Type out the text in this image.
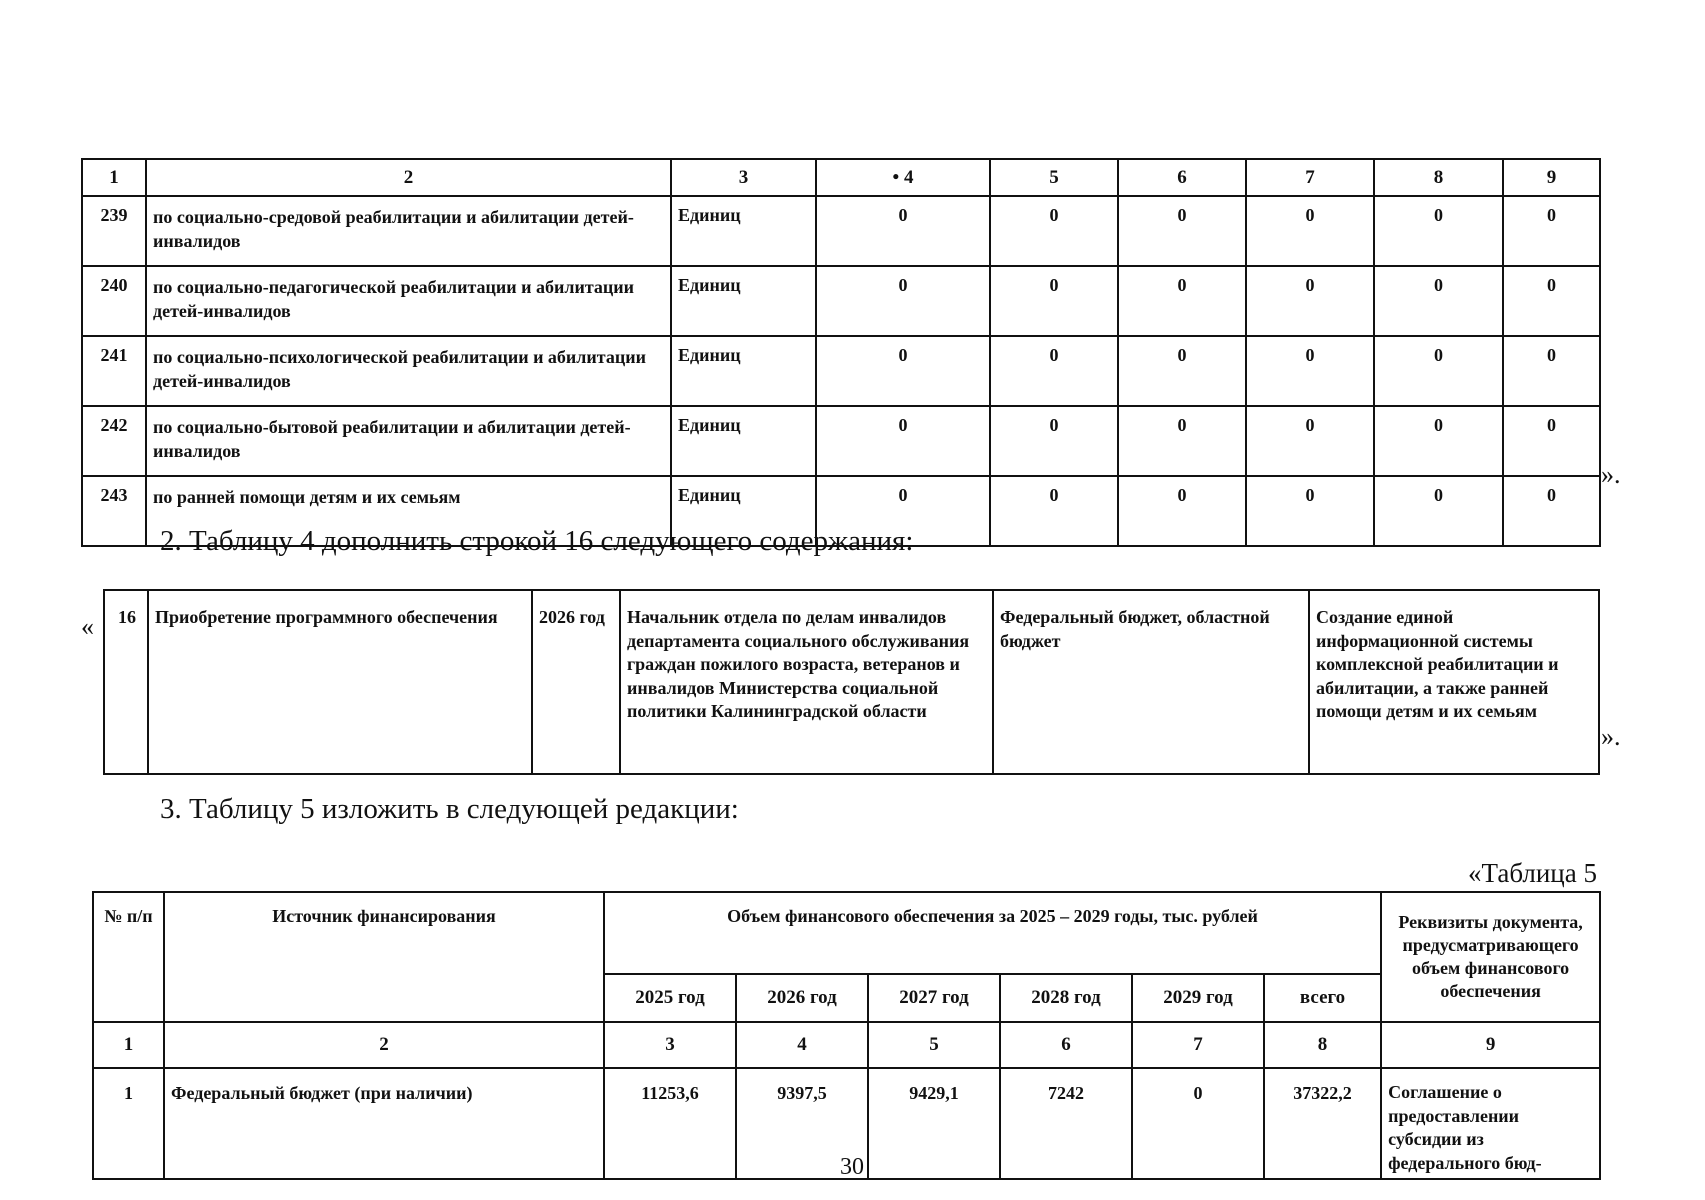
1	2	3	• 4	5	6	7	8	9
239	по социально-средовой реабилитации и абилитации детей-инвалидов	Единиц	0	0	0	0	0	0
240	по социально-педагогической реабилитации и абилитации детей-инвалидов	Единиц	0	0	0	0	0	0
241	по социально-психологической реабилитации и абилитации детей-инвалидов	Единиц	0	0	0	0	0	0
242	по социально-бытовой реабилитации и абилитации детей-инвалидов	Единиц	0	0	0	0	0	0
243	по ранней помощи детям и их семьям	Единиц	0	0	0	0	0	0
».
2. Таблицу 4 дополнить строкой 16 следующего содержания:
« 16	Приобретение программного обеспечения	2026 год	Начальник отдела по делам инвалидов департамента социального обслуживания граждан пожилого возраста, ветеранов и инвалидов Министерства социальной политики Калининградской области	Федеральный бюджет, областной бюджет	Создание единой информационной системы комплексной реабилитации и абилитации, а также ранней помощи детям и их семьям
».
3. Таблицу 5 изложить в следующей редакции:
«Таблица 5
№ п/п	Источник финансирования	Объем финансового обеспечения за 2025 – 2029 годы, тыс. рублей						Реквизиты документа, предусматривающего объем финансового обеспечения
		2025 год	2026 год	2027 год	2028 год	2029 год	всего	
1	2	3	4	5	6	7	8	9
1	Федеральный бюджет (при наличии)	11253,6	9397,5	9429,1	7242	0	37322,2	Соглашение о предоставлении субсидии из федерального бюд-
30
